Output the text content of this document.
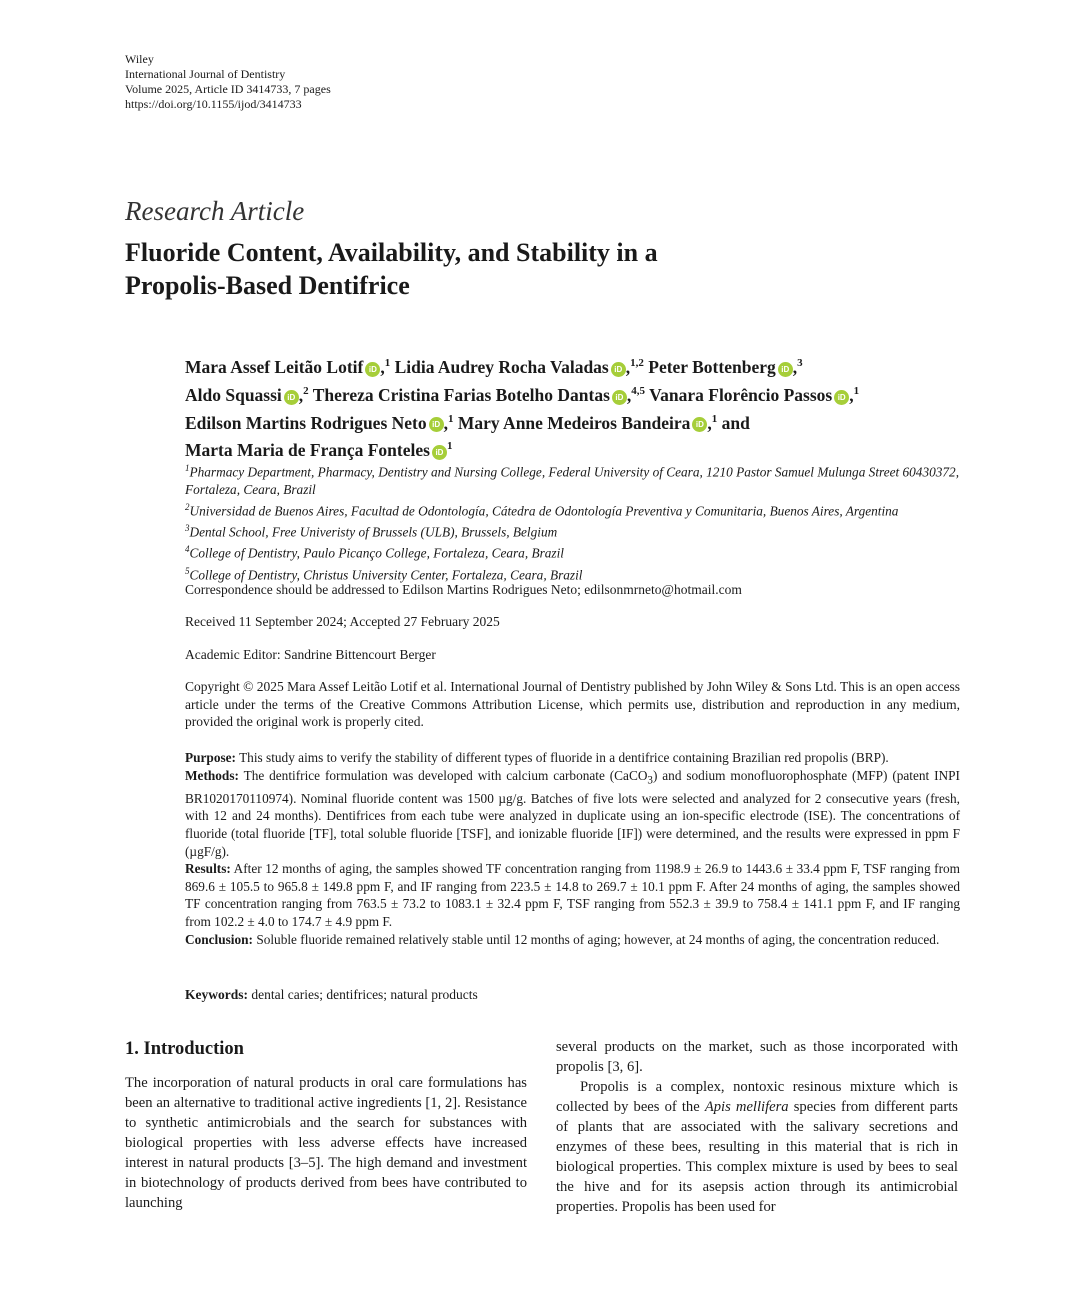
Wiley
International Journal of Dentistry
Volume 2025, Article ID 3414733, 7 pages
https://doi.org/10.1155/ijod/3414733
Research Article
Fluoride Content, Availability, and Stability in a
Propolis-Based Dentifrice
Mara Assef Leitão Lotif iD ,$^1$ Lidia Audrey Rocha Valadas iD ,$^{1,2}$ Peter Bottenberg iD ,$^3$
Aldo Squassi iD ,$^2$ Thereza Cristina Farias Botelho Dantas iD ,$^{4,5}$ Vanara Florêncio Passos iD ,$^1$
Edilson Martins Rodrigues Neto iD ,$^1$ Mary Anne Medeiros Bandeira iD ,$^1$ and
Marta Maria de França Fonteles $iD^1$
$^1$Pharmacy Department, Pharmacy, Dentistry and Nursing College, Federal University of Ceara, 1210 Pastor Samuel Mulunga Street 60430372, Fortaleza, Ceara, Brazil
$^2$Universidad de Buenos Aires, Facultad de Odontología, Cátedra de Odontología Preventiva y Comunitaria, Buenos Aires, Argentina
$^3$Dental School, Free Univeristy of Brussels (ULB), Brussels, Belgium
$^4$College of Dentistry, Paulo Picanço College, Fortaleza, Ceara, Brazil
$^5$College of Dentistry, Christus University Center, Fortaleza, Ceara, Brazil
Correspondence should be addressed to Edilson Martins Rodrigues Neto; edilsonmrneto@hotmail.com
Received 11 September 2024; Accepted 27 February 2025
Academic Editor: Sandrine Bittencourt Berger
Copyright © 2025 Mara Assef Leitão Lotif et al. International Journal of Dentistry published by John Wiley & Sons Ltd. This is an open access article under the terms of the Creative Commons Attribution License, which permits use, distribution and reproduction in any medium, provided the original work is properly cited.

Purpose: This study aims to verify the stability of different types of fluoride in a dentifrice containing Brazilian red propolis (BRP).

Methods: The dentifrice formulation was developed with calcium carbonate (CaCO$_3$) and sodium monofluorophosphate (MFP) (patent INPI BR1020170110974). Nominal fluoride content was 1500 µg/g. Batches of five lots were selected and analyzed for 2 consecutive years (fresh, with 12 and 24 months). Dentifrices from each tube were analyzed in duplicate using an ion-specific electrode (ISE). The concentrations of fluoride (total fluoride [TF], total soluble fluoride [TSF], and ionizable fluoride [IF]) were determined, and the results were expressed in ppm F (µgF/g).

Results: After 12 months of aging, the samples showed TF concentration ranging from 1198.9 ± 26.9 to 1443.6 ± 33.4 ppm F, TSF ranging from 869.6 ± 105.5 to 965.8 ± 149.8 ppm F, and IF ranging from 223.5 ± 14.8 to 269.7 ± 10.1 ppm F. After 24 months of aging, the samples showed TF concentration ranging from 763.5 ± 73.2 to 1083.1 ± 32.4 ppm F, TSF ranging from 552.3 ± 39.9 to 758.4 ± 141.1 ppm F, and IF ranging from 102.2 ± 4.0 to 174.7 ± 4.9 ppm F.

Conclusion: Soluble fluoride remained relatively stable until 12 months of aging; however, at 24 months of aging, the concentration reduced.

Keywords: dental caries; dentifrices; natural products
1. Introduction

The incorporation of natural products in oral care formulations has been an alternative to traditional active ingredients [1, 2]. Resistance to synthetic antimicrobials and the search for substances with biological properties with less adverse effects have increased interest in natural products [3–5]. The high demand and investment in biotechnology of products derived from bees have contributed to launching

several products on the market, such as those incorporated with propolis [3, 6].

Propolis is a complex, nontoxic resinous mixture which is collected by bees of the Apis mellifera species from different parts of plants that are associated with the salivary secretions and enzymes of these bees, resulting in this material that is rich in biological properties. This complex mixture is used by bees to seal the hive and for its asepsis action through its antimicrobial properties. Propolis has been used for
